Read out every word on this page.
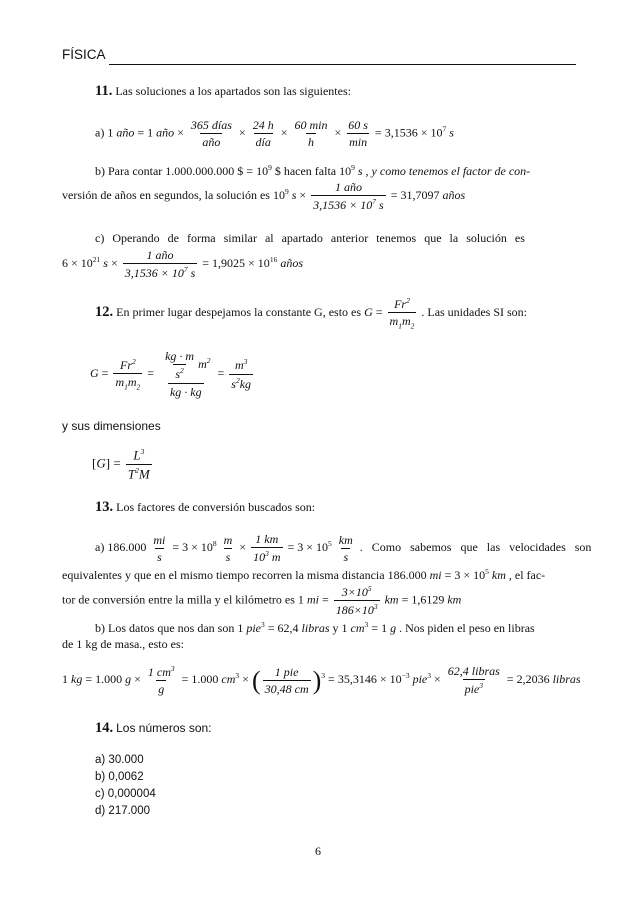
FÍSICA
11. Las soluciones a los apartados son las siguientes:
a) 1 año = 1 año × $\frac{\text{365 días}}{\text{año}} \times \frac{24 h}{\text{día}} \times \frac{60 \min}{h} \times \frac{60 s}{\min} = 3,1536 \times 10^7$ s
b) Para contar 1.000.000.000 $ = $10^9$ $ hacen falta $10^9$ s , y como tenemos el factor de con-
versión de años en segundos, la solución es $10^9$ $s \times \frac{\text{1 año}}{3,1536 \times 10^7 s} = 31,7097$ años
c) Operando de forma similar al apartado anterior tenemos que la solución es
$6 \times 10^{21}$ $s \times \frac{\text{1 año}}{3,1536 \times 10^7 s} = 1,9025 \times 10^{16}$ años
12. En primer lugar despejamos la constante G, esto es $G = \frac{Fr^2}{m_1m_2}$ . Las unidades SI son:
$G = \frac{Fr^2}{m_1m_2} = \frac{\frac{kg \cdot m}{s^2} m^2}{kg \cdot kg} = \frac{m^3}{s^2kg}$
y sus dimensiones
$[G] = \frac{L^3}{T^2M}$
13. Los factores de conversión buscados son:
a) $186.000 \frac{mi}{s} = 3 \times 10^8 \frac{m}{s} \times \frac{1 km}{10^3 m} = 3 \times 10^5 \frac{km}{s}$ . Como sabemos que las velocidades son
equivalentes y que en el mismo tiempo recorren la misma distancia 186.000 mi = $3 \times 10^5$ km , el fac-
tor de conversión entre la milla y el kilómetro es 1 mi = $\frac{3\times 10^5}{186\times 10^3}$ km = 1,6129 km
b) Los datos que nos dan son 1 pie$^3$ = 62,4 libras y 1 $cm^3 = 1$ g . Nos piden el peso en libras
de 1 kg de masa., esto es:
1 kg = 1.000 $g \times \frac{1 cm^3}{g} = 1.000$ $cm^3$ × ( $\frac{\text{1 pie}}{30,48 cm} )^3 = 35,3146 \times 10^{-3}$ $pie^3 \times \frac{\text{62,4 libras}}{pie^3} = 2,2036$ libras
14. Los números son:
a) 30.000
b) 0,0062
c) 0,000004
d) 217.000
6
